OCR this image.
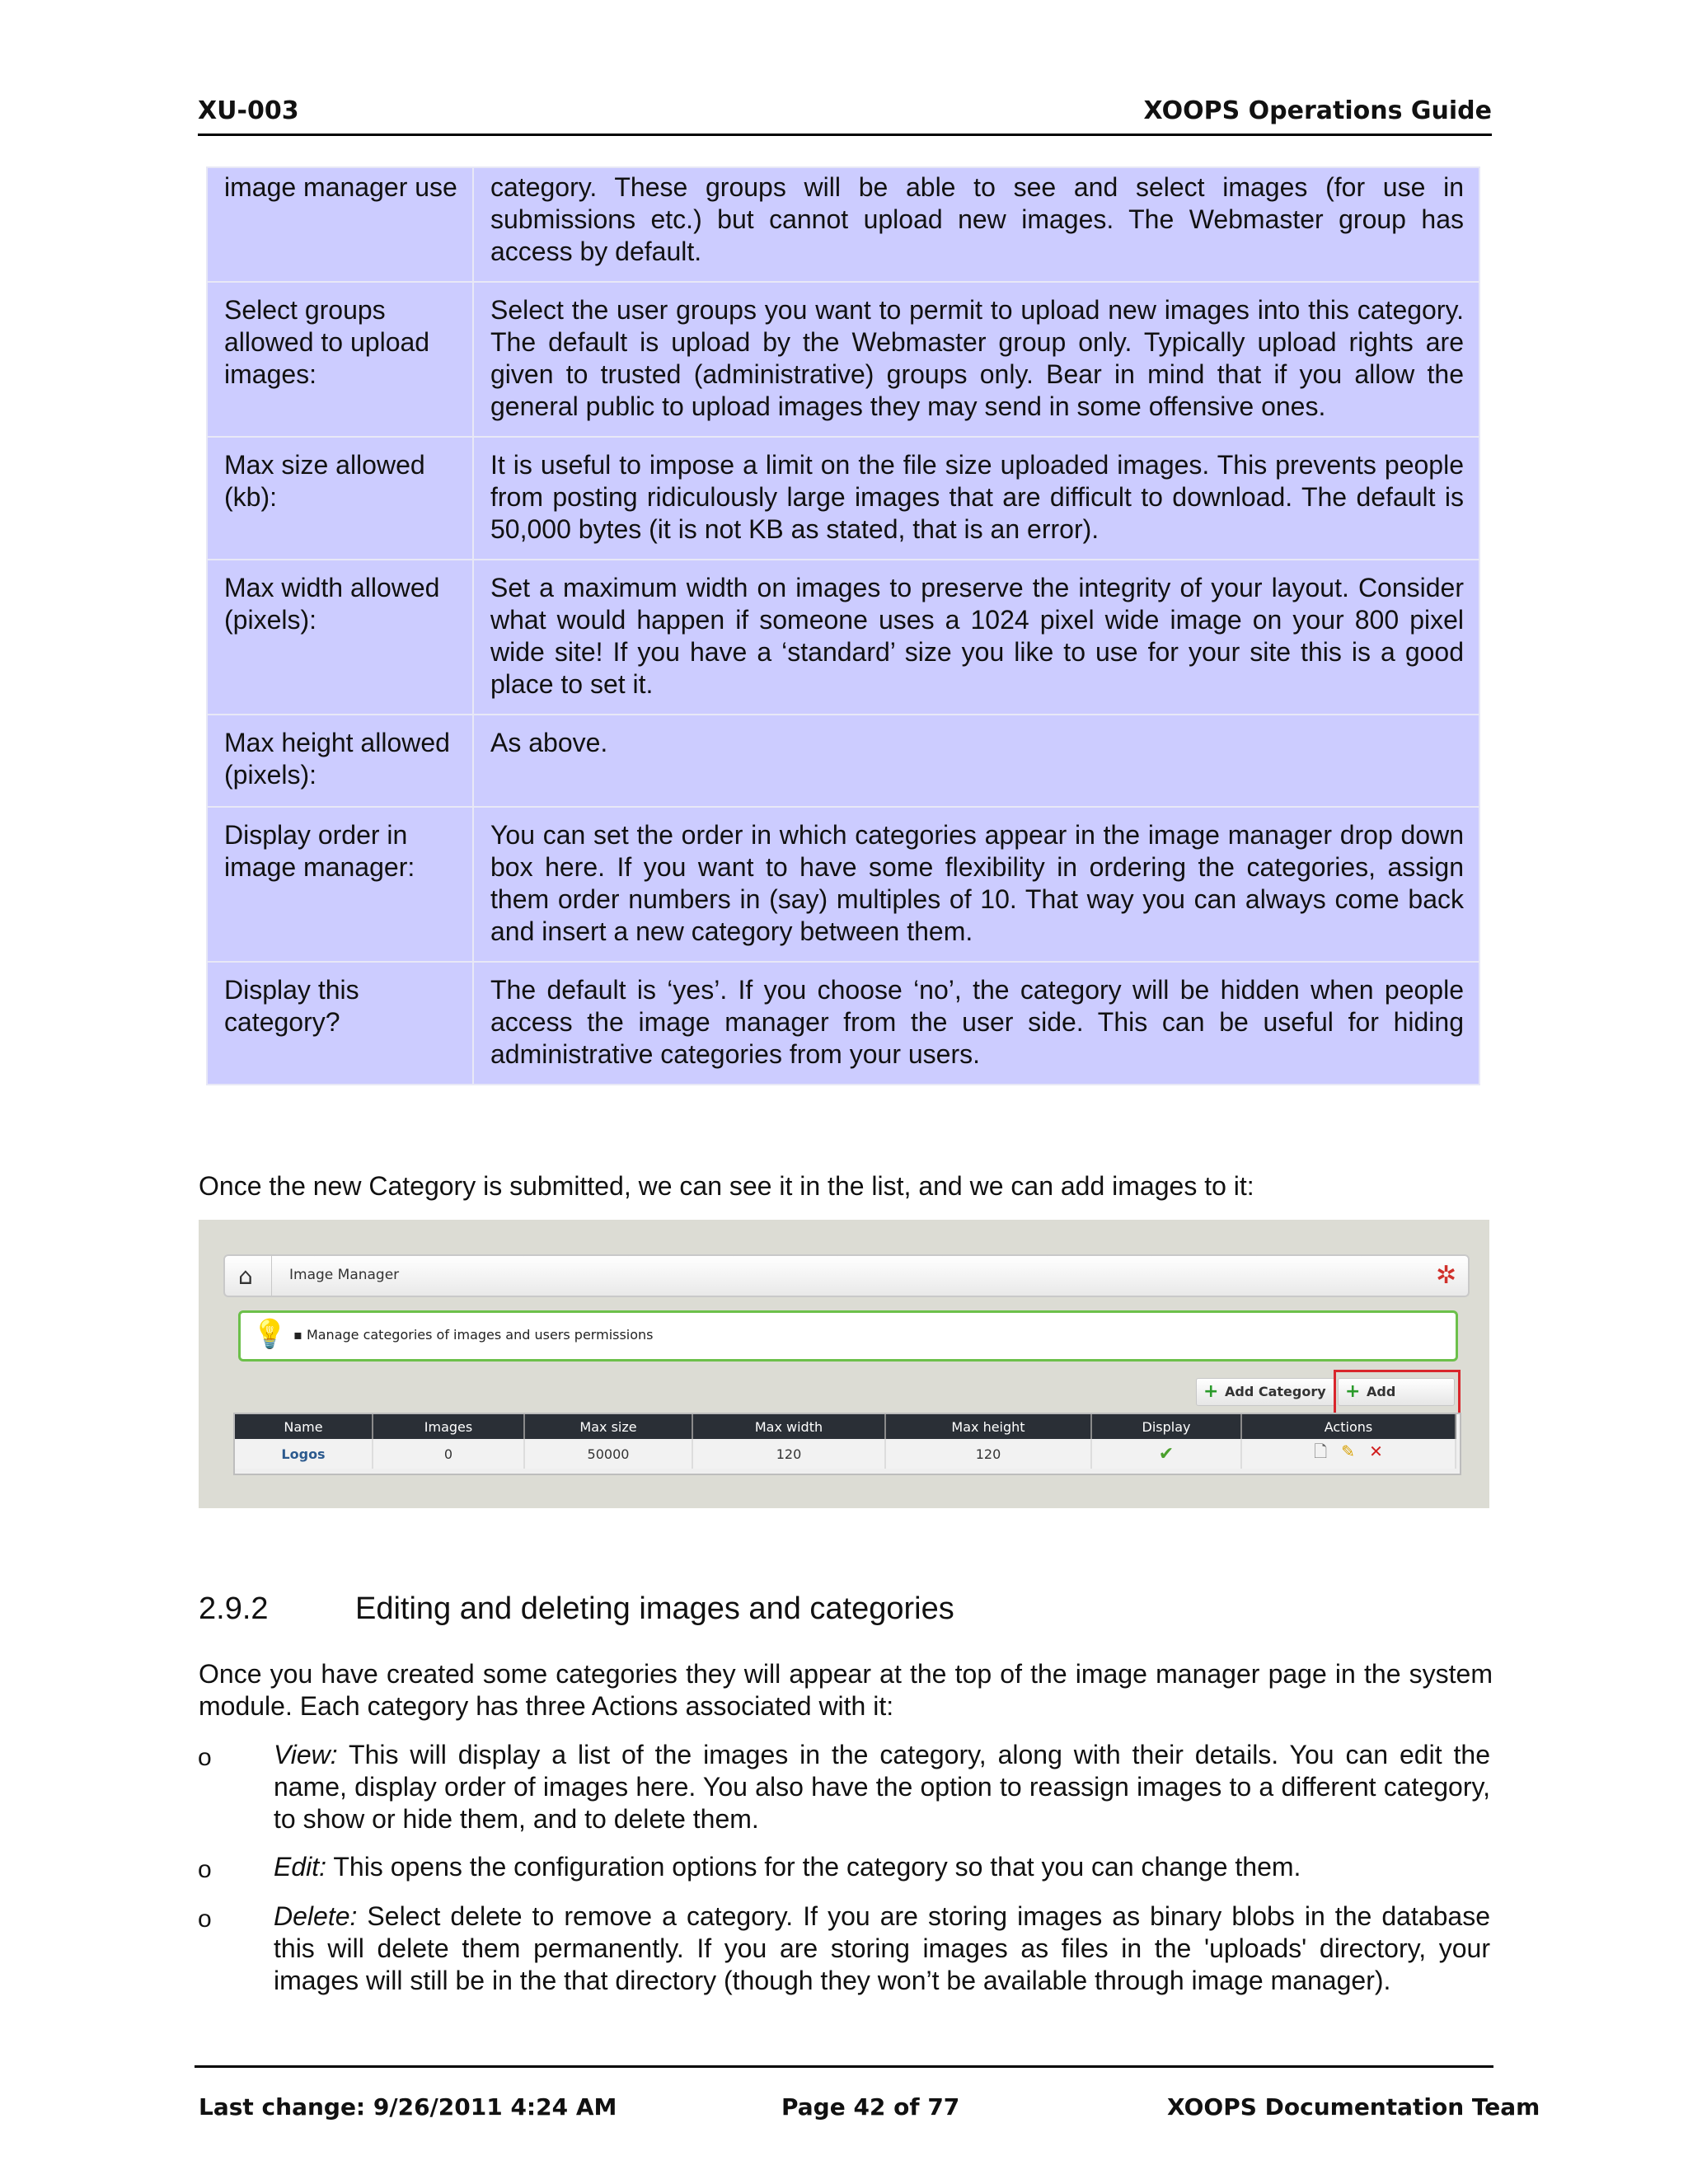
XU-003	XOOPS Operations Guide
image manager use	category. These groups will be able to see and select images (for use in submissions etc.) but cannot upload new images. The Webmaster group has access by default.
Select groups allowed to upload images:	Select the user groups you want to permit to upload new images into this category. The default is upload by the Webmaster group only. Typically upload rights are given to trusted (administrative) groups only. Bear in mind that if you allow the general public to upload images they may send in some offensive ones.
Max size allowed (kb):	It is useful to impose a limit on the file size uploaded images. This prevents people from posting ridiculously large images that are difficult to download. The default is 50,000 bytes (it is not KB as stated, that is an error).
Max width allowed (pixels):	Set a maximum width on images to preserve the integrity of your layout. Consider what would happen if someone uses a 1024 pixel wide image on your 800 pixel wide site! If you have a ‘standard’ size you like to use for your site this is a good place to set it.
Max height allowed (pixels):	As above.
Display order in image manager:	You can set the order in which categories appear in the image manager drop down box here. If you want to have some flexibility in ordering the categories, assign them order numbers in (say) multiples of 10. That way you can always come back and insert a new category between them.
Display this category?	The default is ‘yes’. If you choose ‘no’, the category will be hidden when people access the image manager from the user side. This can be useful for hiding administrative categories from your users.
Once the new Category is submitted, we can see it in the list, and we can add images to it:
⌂	Image Manager	✲
💡 ▪ Manage categories of images and users permissions
+ Add Category	+ Add
Name	Images	Max size	Max width	Max height	Display	Actions
Logos	0	50000	120	120	✔	🗋 ✎ ✕
2.9.2	Editing and deleting images and categories
Once you have created some categories they will appear at the top of the image manager page in the system module. Each category has three Actions associated with it:
o View: This will display a list of the images in the category, along with their details. You can edit the name, display order of images here. You also have the option to reassign images to a different category, to show or hide them, and to delete them.
o Edit: This opens the configuration options for the category so that you can change them.
o Delete: Select delete to remove a category. If you are storing images as binary blobs in the database this will delete them permanently. If you are storing images as files in the 'uploads' directory, your images will still be in the that directory (though they won’t be available through image manager).
Last change: 9/26/2011 4:24 AM	Page 42 of 77	XOOPS Documentation Team
